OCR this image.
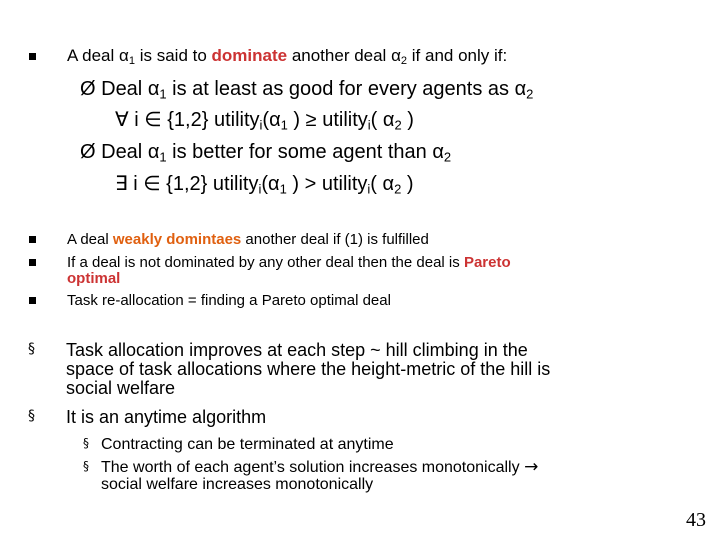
A deal $\alpha_1$ is said to dominate another deal $\alpha_2$ if and only if:
Ø Deal $\alpha_1$ is at least as good for every agents as $\alpha_2$
∀ i ∈ {1,2} $utility_i(\alpha_1$ ) ≥ utility$_i$( $\alpha_2$ )
Ø Deal $\alpha_1$ is better for some agent than $\alpha_2$
∃ i ∈ {1,2} $utility_i(\alpha_1$ ) > utility$_i$( $\alpha_2$ )
A deal weakly domintaes another deal if (1) is fulfilled
If a deal is not dominated by any other deal then the deal is Pareto
optimal
Task re-allocation = finding a Pareto optimal deal
§ Task allocation improves at each step ~ hill climbing in the
space of task allocations where the height-metric of the hill is
social welfare
§ It is an anytime algorithm
§ Contracting can be terminated at anytime
§ The worth of each agent’s solution increases monotonically →
social welfare increases monotonically
43
